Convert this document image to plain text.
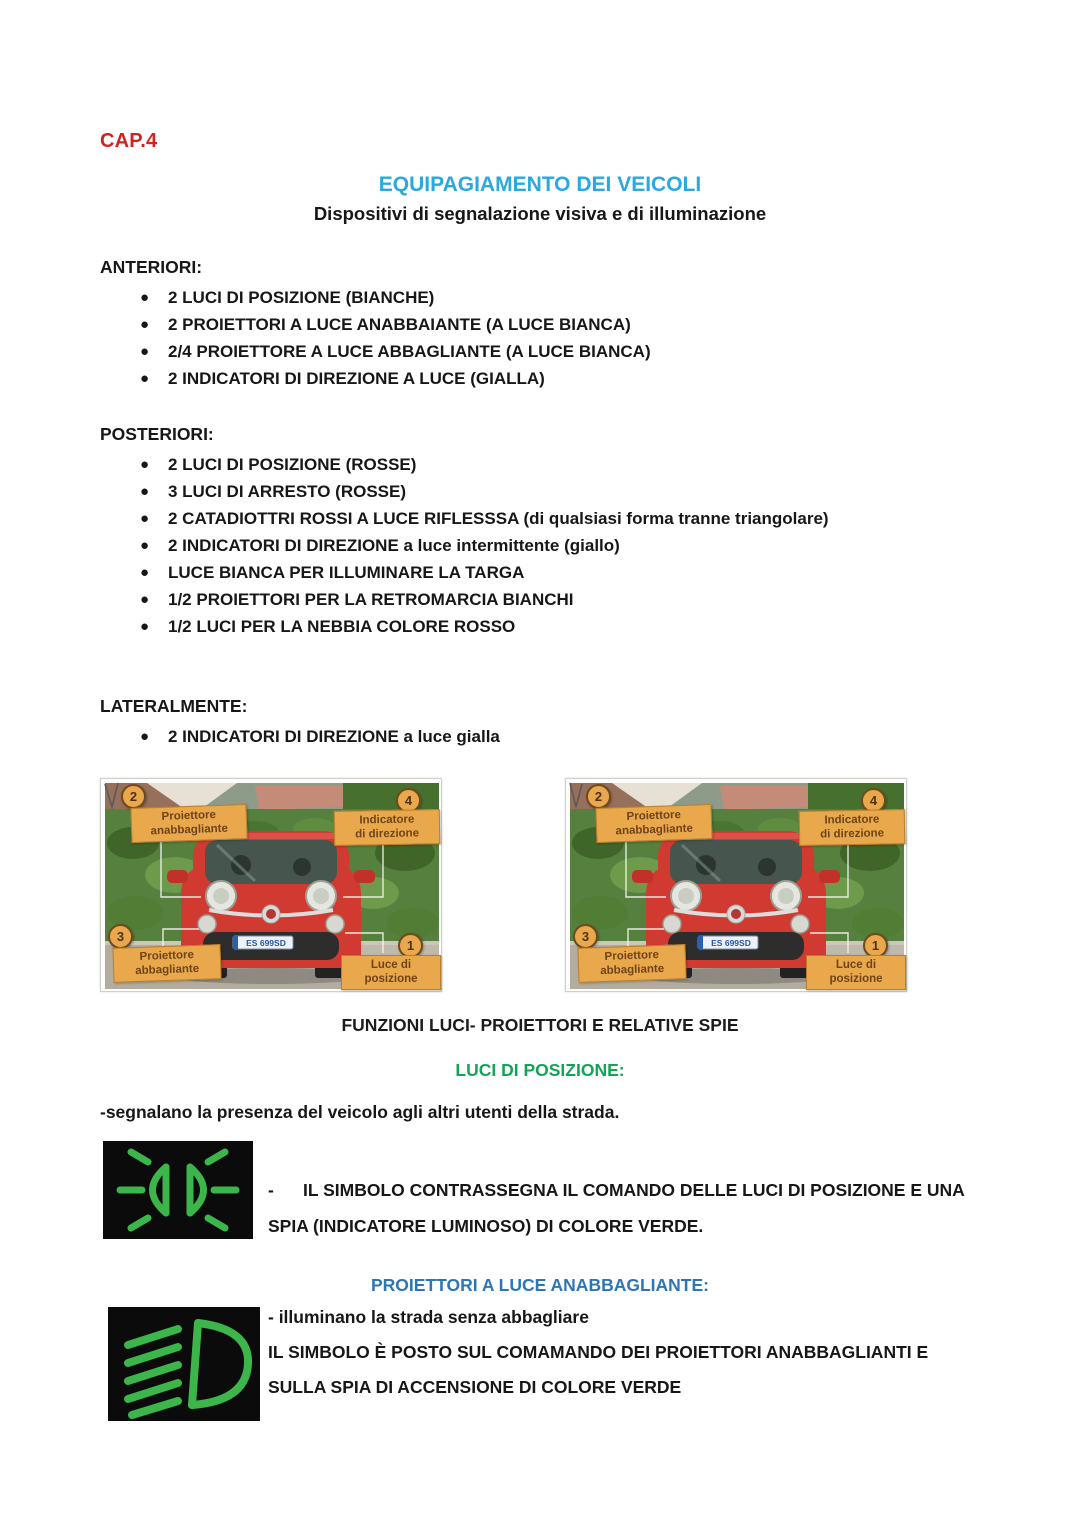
CAP.4
EQUIPAGIAMENTO DEI VEICOLI
Dispositivi di segnalazione visiva e di illuminazione
ANTERIORI:
● 2 LUCI DI POSIZIONE (BIANCHE)
● 2 PROIETTORI A LUCE ANABBAIANTE (A LUCE BIANCA)
● 2/4 PROIETTORE A LUCE ABBAGLIANTE (A LUCE BIANCA)
● 2 INDICATORI DI DIREZIONE A LUCE (GIALLA)
POSTERIORI:
● 2 LUCI DI POSIZIONE (ROSSE)
● 3 LUCI DI ARRESTO (ROSSE)
● 2 CATADIOTTRI ROSSI A LUCE RIFLESSSA (di qualsiasi forma tranne triangolare)
● 2 INDICATORI DI DIREZIONE a luce intermittente (giallo)
● LUCE BIANCA PER ILLUMINARE LA TARGA
● 1/2 PROIETTORI PER LA RETROMARCIA BIANCHI
● 1/2 LUCI PER LA NEBBIA COLORE ROSSO
LATERALMENTE:
● 2 INDICATORI DI DIREZIONE a luce gialla
ES 699SD
2
Proiettore
anabbagliante
4
Indicatore
di direzione
3
Proiettore
abbagliante
1
Luce di
posizione
ES 699SD
2
Proiettore
anabbagliante
4
Indicatore
di direzione
3
Proiettore
abbagliante
1
Luce di
posizione
FUNZIONI LUCI- PROIETTORI E RELATIVE SPIE
LUCI DI POSIZIONE:
-segnalano la presenza del veicolo agli altri utenti della strada.
-      IL SIMBOLO CONTRASSEGNA IL COMANDO DELLE LUCI DI POSIZIONE E UNA
SPIA (INDICATORE LUMINOSO) DI COLORE VERDE.
PROIETTORI A LUCE ANABBAGLIANTE:
- illuminano la strada senza abbagliare
IL SIMBOLO È POSTO SUL COMAMANDO DEI PROIETTORI ANABBAGLIANTI E
SULLA SPIA DI ACCENSIONE DI COLORE VERDE
